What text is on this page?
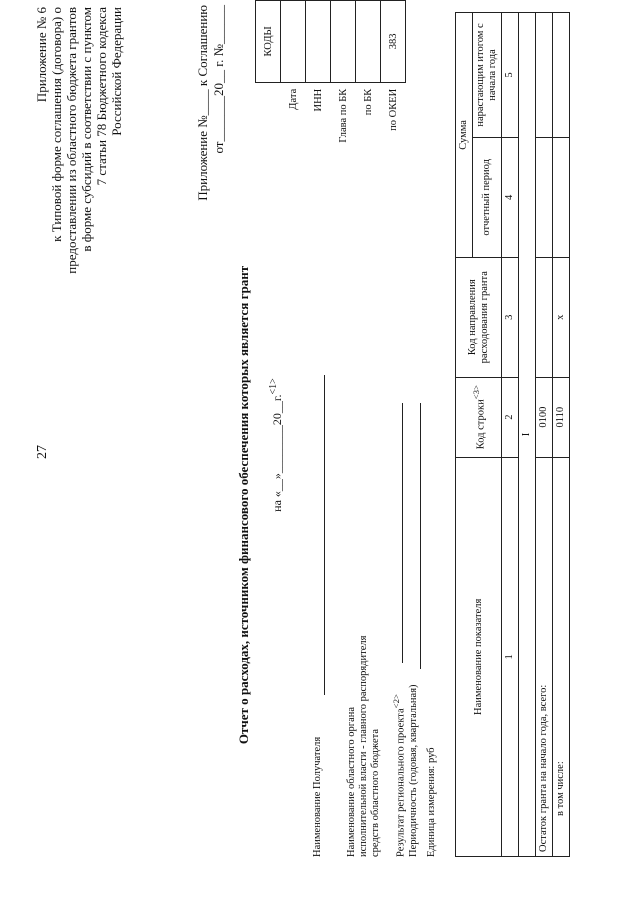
27
Приложение № 6 к Типовой форме соглашения (договора) о предоставлении из областного бюджета грантов в форме субсидий в соответствии с пунктом 7 статьи 78 Бюджетного кодекса Российской Федерации	Приложение №____ к Соглашению от_______20__ г. №______
Отчет о расходах, источником финансового обеспечения которых является грант на «__»________20__г.$^{<1>}$
Наименование Получателя Наименование областного органа исполнительной власти - главного распорядителя средств областного бюджета	Результат регионального проекта$^{<2>}$ Периодичность (годовая, квартальная) Единица измерения: руб
	КОДЫ
Дата	
ИНН	
Глава по БК	
по БК	
по ОКЕИ	383
Наименование показателя	Код строки$^{<3>}$	Код направления расходования гранта	Сумма	
			отчетный период	нарастающим итогом с начала года
1	2	3	4	5
I				
Остаток гранта на начало года, всего:	0100			
в том числе:	0110	х		
